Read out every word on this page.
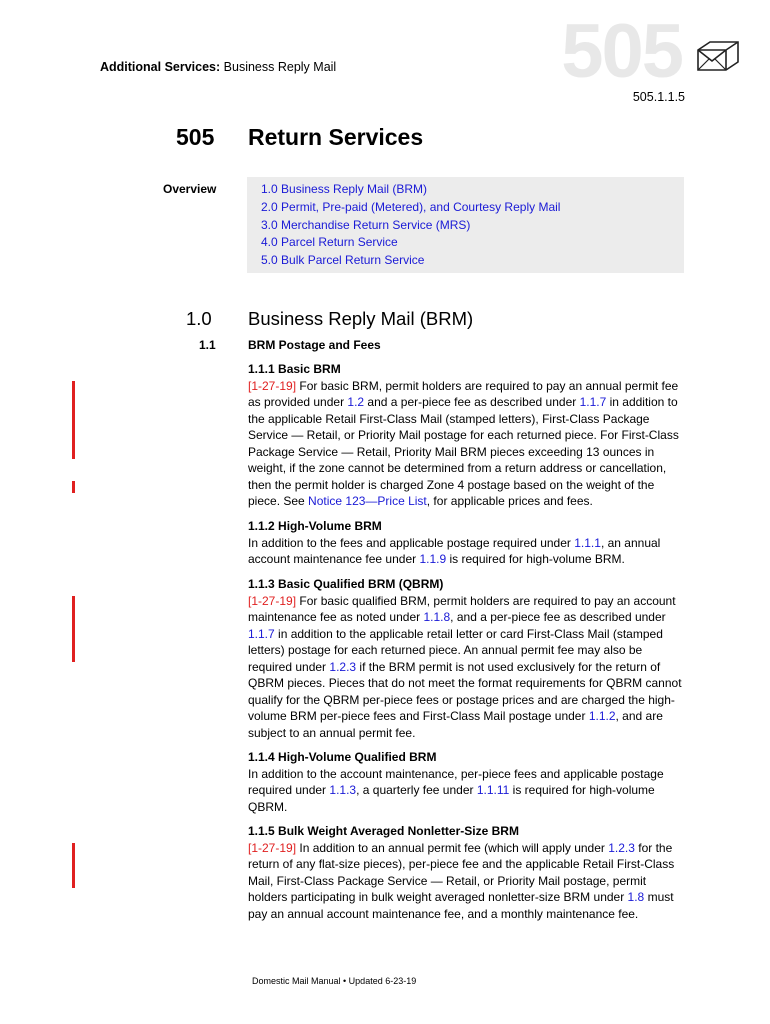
Additional Services: Business Reply Mail	505
505.1.1.5
505 Return Services
Overview	1.0 Business Reply Mail (BRM)
2.0 Permit, Pre-paid (Metered), and Courtesy Reply Mail
3.0 Merchandise Return Service (MRS)
4.0 Parcel Return Service
5.0 Bulk Parcel Return Service
1.0 Business Reply Mail (BRM)
1.1	BRM Postage and Fees
1.1.1 Basic BRM

[1-27-19] For basic BRM, permit holders are required to pay an annual permit fee as provided under 1.2 and a per-piece fee as described under 1.1.7 in addition to the applicable Retail First-Class Mail (stamped letters), First-Class Package Service — Retail, or Priority Mail postage for each returned piece. For First-Class Package Service — Retail, Priority Mail BRM pieces exceeding 13 ounces in weight, if the zone cannot be determined from a return address or cancellation, then the permit holder is charged Zone 4 postage based on the weight of the piece. See Notice 123—Price List, for applicable prices and fees.

1.1.2 High-Volume BRM

In addition to the fees and applicable postage required under 1.1.1, an annual account maintenance fee under 1.1.9 is required for high-volume BRM.

1.1.3 Basic Qualified BRM (QBRM)

[1-27-19] For basic qualified BRM, permit holders are required to pay an account maintenance fee as noted under 1.1.8, and a per-piece fee as described under 1.1.7 in addition to the applicable retail letter or card First-Class Mail (stamped letters) postage for each returned piece. An annual permit fee may also be required under 1.2.3 if the BRM permit is not used exclusively for the return of QBRM pieces. Pieces that do not meet the format requirements for QBRM cannot qualify for the QBRM per-piece fees or postage prices and are charged the high-volume BRM per-piece fees and First-Class Mail postage under 1.1.2, and are subject to an annual permit fee.

1.1.4 High-Volume Qualified BRM

In addition to the account maintenance, per-piece fees and applicable postage required under 1.1.3, a quarterly fee under 1.1.11 is required for high-volume QBRM.

1.1.5 Bulk Weight Averaged Nonletter-Size BRM

[1-27-19] In addition to an annual permit fee (which will apply under 1.2.3 for the return of any flat-size pieces), per-piece fee and the applicable Retail First-Class Mail, First-Class Package Service — Retail, or Priority Mail postage, permit holders participating in bulk weight averaged nonletter-size BRM under 1.8 must pay an annual account maintenance fee, and a monthly maintenance fee.

Domestic Mail Manual • Updated 6-23-19
